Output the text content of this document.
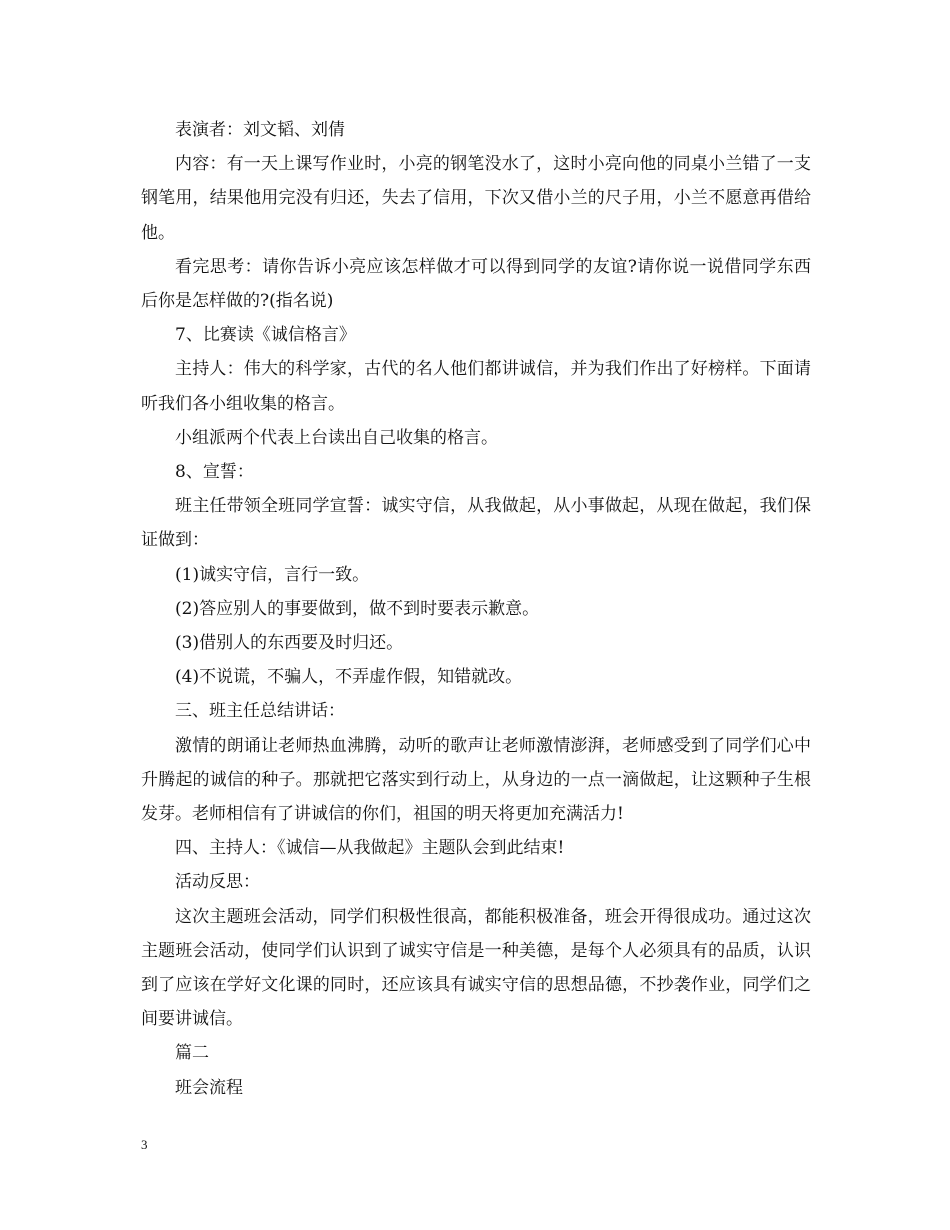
表演者：刘文韬、刘倩

内容：有一天上课写作业时，小亮的钢笔没水了，这时小亮向他的同桌小兰错了一支钢笔用，结果他用完没有归还，失去了信用，下次又借小兰的尺子用，小兰不愿意再借给他。

看完思考：请你告诉小亮应该怎样做才可以得到同学的友谊?请你说一说借同学东西后你是怎样做的?(指名说)

7、比赛读《诚信格言》

主持人：伟大的科学家，古代的名人他们都讲诚信，并为我们作出了好榜样。下面请听我们各小组收集的格言。

小组派两个代表上台读出自己收集的格言。

8、宣誓：

班主任带领全班同学宣誓：诚实守信，从我做起，从小事做起，从现在做起，我们保证做到：

(1)诚实守信，言行一致。

(2)答应别人的事要做到，做不到时要表示歉意。

(3)借别人的东西要及时归还。

(4)不说谎，不骗人，不弄虚作假，知错就改。

三、班主任总结讲话：

激情的朗诵让老师热血沸腾，动听的歌声让老师激情澎湃，老师感受到了同学们心中升腾起的诚信的种子。那就把它落实到行动上，从身边的一点一滴做起，让这颗种子生根发芽。老师相信有了讲诚信的你们，祖国的明天将更加充满活力!

四、主持人：《诚信—从我做起》主题队会到此结束!

活动反思：

这次主题班会活动，同学们积极性很高，都能积极准备，班会开得很成功。通过这次主题班会活动，使同学们认识到了诚实守信是一种美德，是每个人必须具有的品质，认识到了应该在学好文化课的同时，还应该具有诚实守信的思想品德，不抄袭作业，同学们之间要讲诚信。

篇二

班会流程

3
